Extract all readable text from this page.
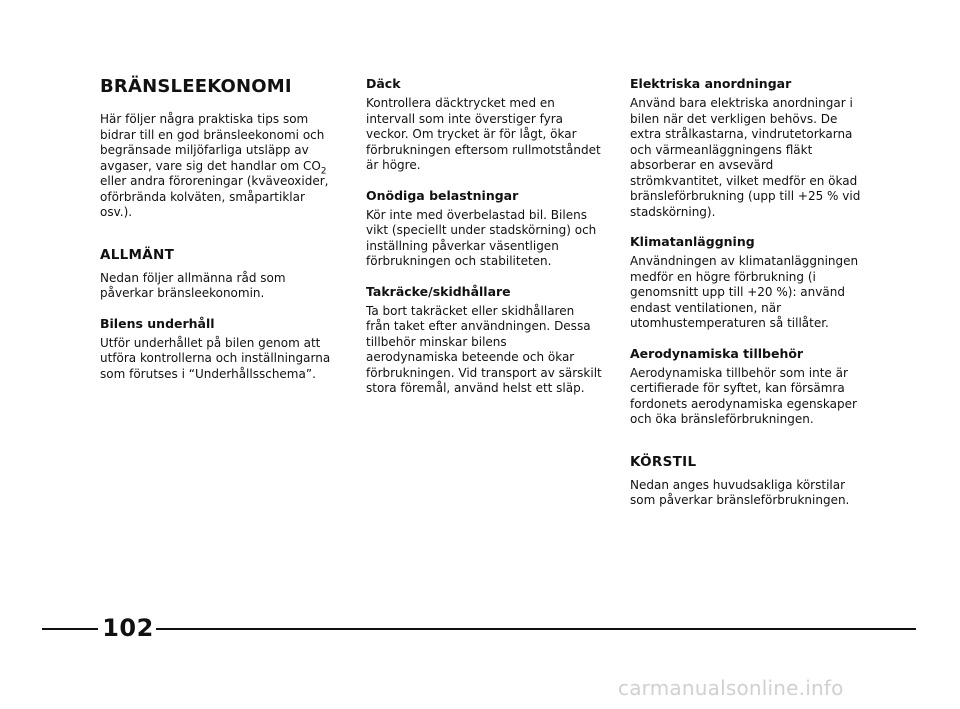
BRÄNSLEEKONOMI

Här följer några praktiska tips som bidrar till en god bränsleekonomi och begränsade miljöfarliga utsläpp av avgaser, vare sig det handlar om $CO_2$ eller andra föroreningar (kväveoxider, oförbrända kolväten, småpartiklar osv.).

ALLMÄNT

Nedan följer allmänna råd som påverkar bränsleekonomin.

Bilens underhåll

Utför underhållet på bilen genom att utföra kontrollerna och inställningarna som förutses i “Underhållsschema”.

Däck

Kontrollera däcktrycket med en intervall som inte överstiger fyra veckor. Om trycket är för lågt, ökar förbrukningen eftersom rullmotståndet är högre.

Onödiga belastningar

Kör inte med överbelastad bil. Bilens vikt (speciellt under stadskörning) och inställning påverkar väsentligen förbrukningen och stabiliteten.

Takräcke/skidhållare

Ta bort takräcket eller skidhållaren från taket efter användningen. Dessa tillbehör minskar bilens aerodynamiska beteende och ökar förbrukningen. Vid transport av särskilt stora föremål, använd helst ett släp.

Elektriska anordningar

Använd bara elektriska anordningar i bilen när det verkligen behövs. De extra strålkastarna, vindrutetorkarna och värmeanläggningens fläkt absorberar en avsevärd strömkvantitet, vilket medför en ökad bränsleförbrukning (upp till +25 % vid stadskörning).

Klimatanläggning

Användningen av klimatanläggningen medför en högre förbrukning (i genomsnitt upp till +20 %): använd endast ventilationen, när utomhustemperaturen så tillåter.

Aerodynamiska tillbehör

Aerodynamiska tillbehör som inte är certifierade för syftet, kan försämra fordonets aerodynamiska egenskaper och öka bränsleförbrukningen.

KÖRSTIL

Nedan anges huvudsakliga körstilar som påverkar bränsleförbrukningen.

102
carmanualsonline.info
